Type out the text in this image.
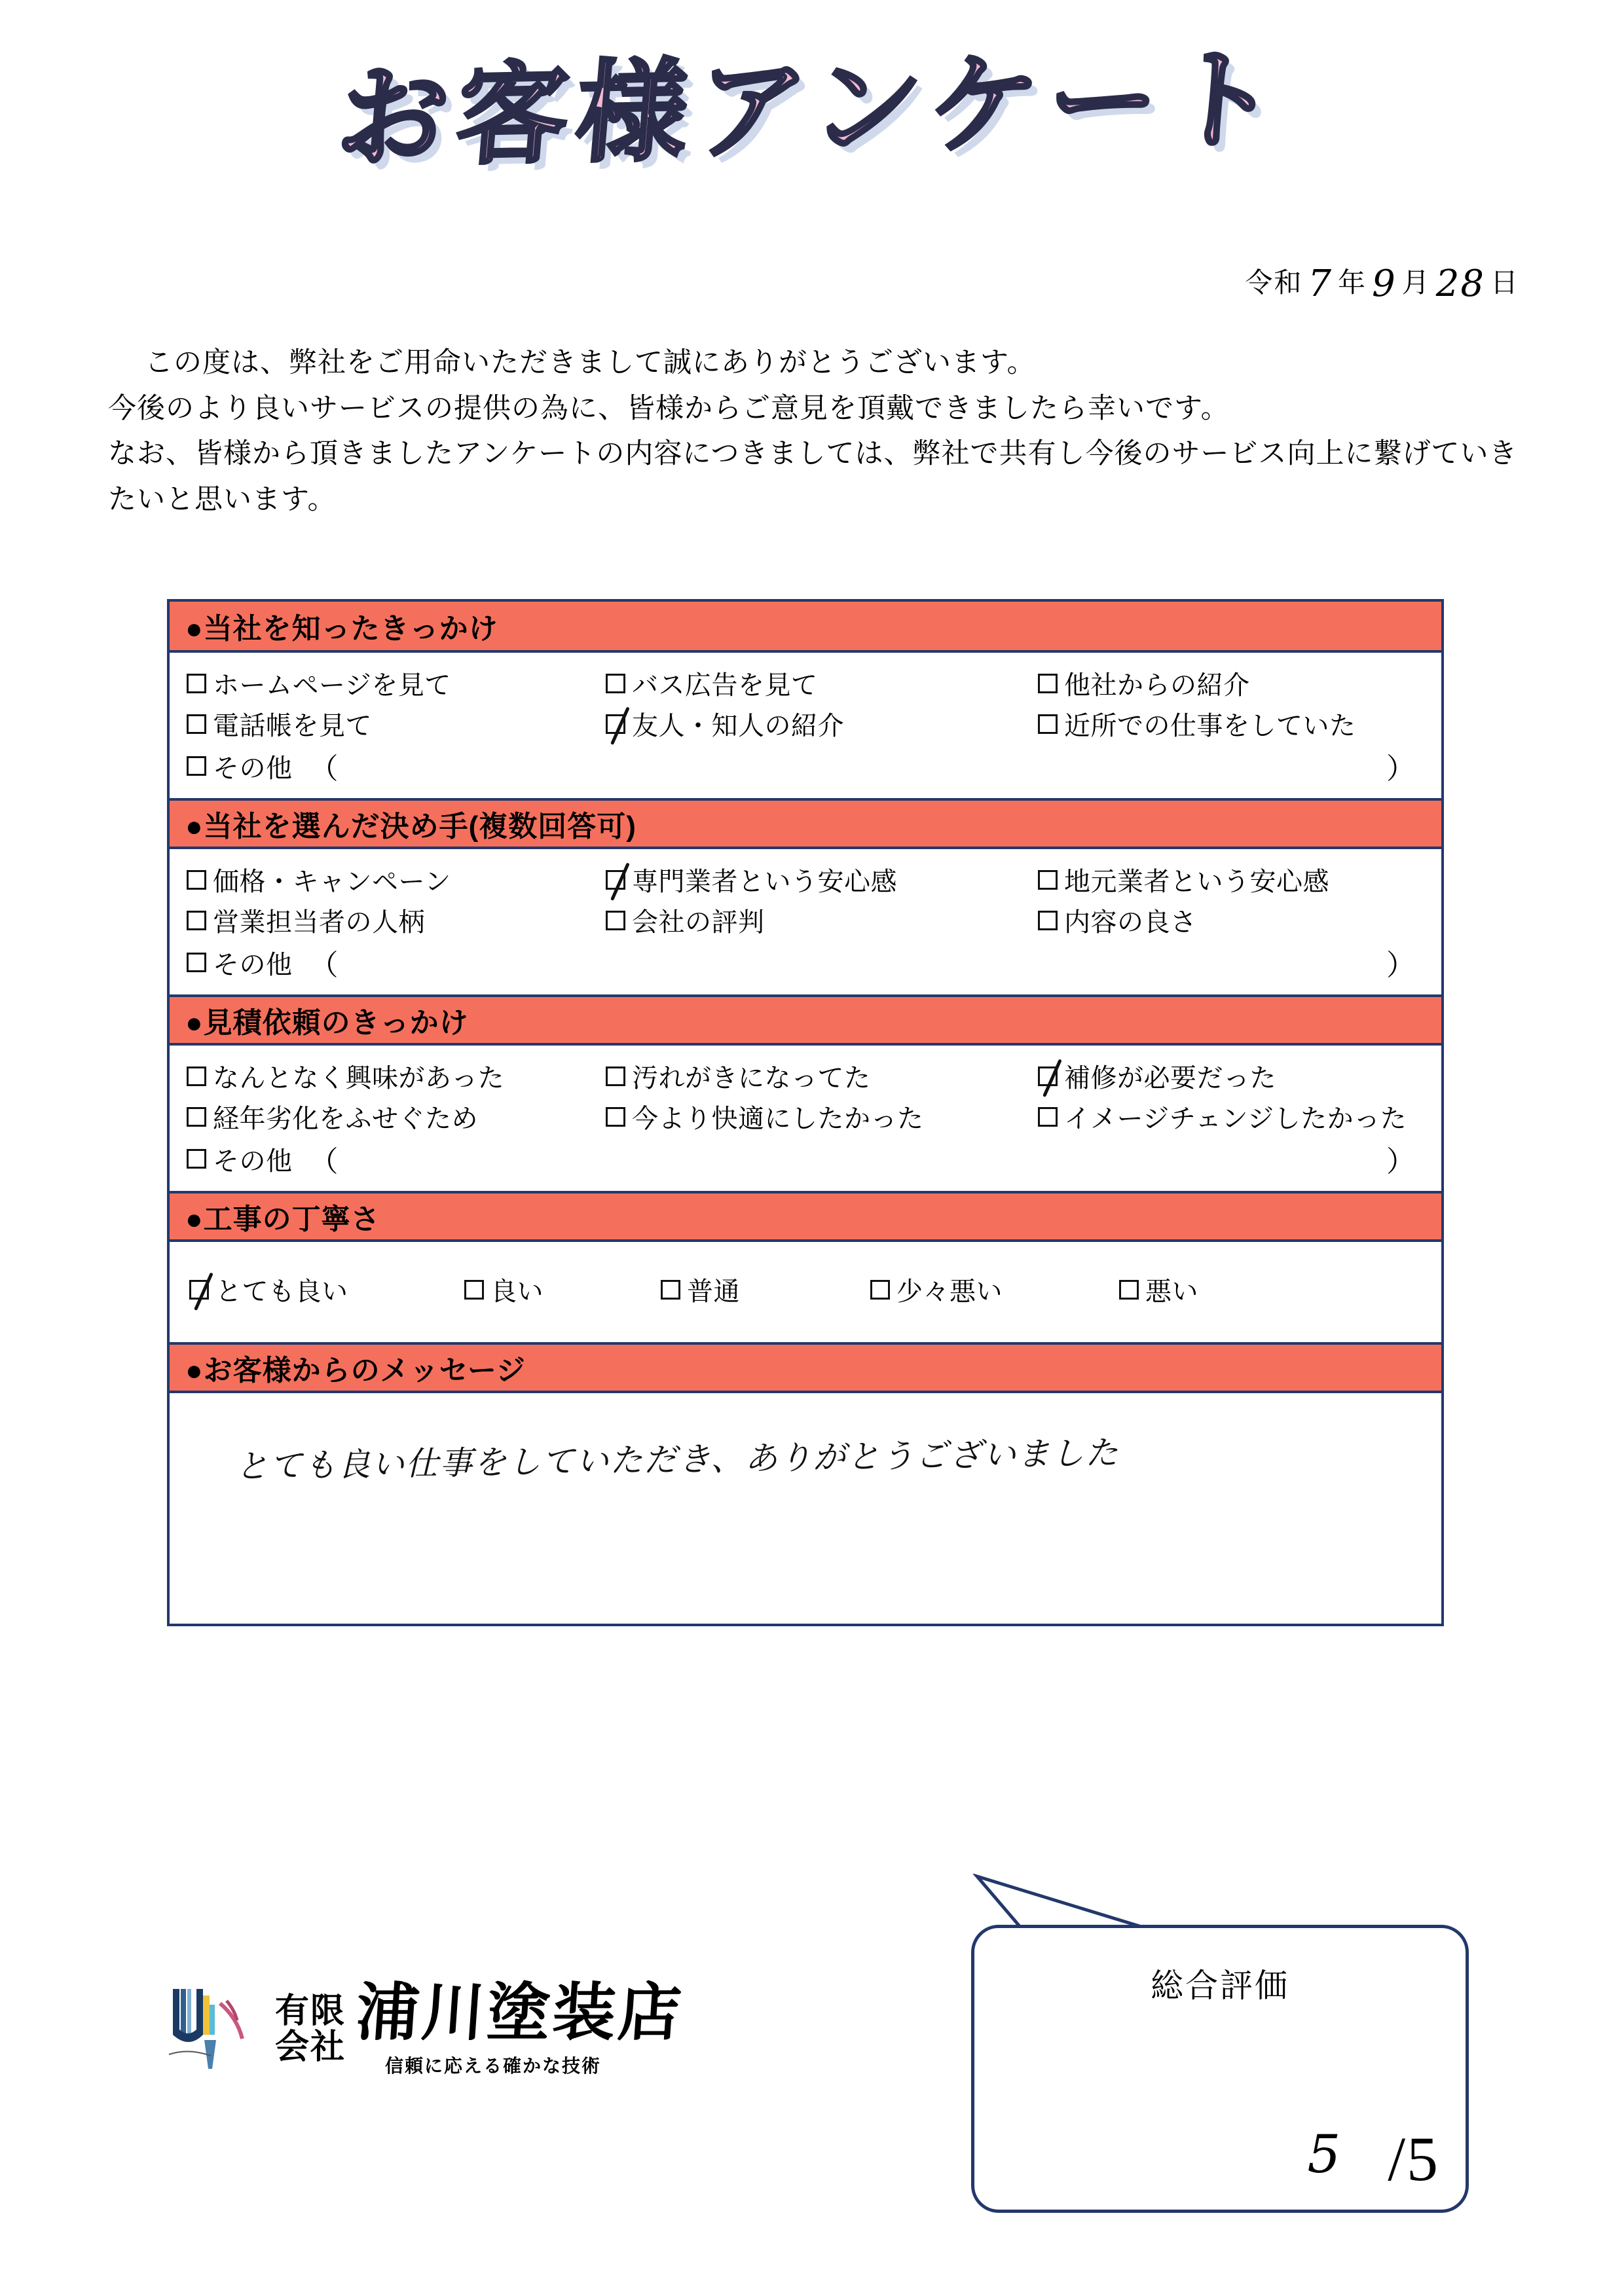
お客様アンケート
令和 7 年 9 月 28 日

この度は、弊社をご用命いただきまして誠にありがとうございます。

今後のより良いサービスの提供の為に、皆様からご意見を頂戴できましたら幸いです。

なお、皆様から頂きましたアンケートの内容につきましては、弊社で共有し今後のサービス向上に繋げていきたいと思います。

●当社を知ったきっかけ
ホームページを見て	バス広告を見て	他社からの紹介
電話帳を見て	友人・知人の紹介	近所での仕事をしていた
その他 （	）
●当社を選んだ決め手(複数回答可)
価格・キャンペーン	専門業者という安心感	地元業者という安心感
営業担当者の人柄	会社の評判	内容の良さ
その他 （	）
●見積依頼のきっかけ
なんとなく興味があった	汚れがきになってた	補修が必要だった
経年劣化をふせぐため	今より快適にしたかった	イメージチェンジしたかった
その他 （	）
●工事の丁寧さ
とても良い	良い	普通	少々悪い	悪い
●お客様からのメッセージ
とても良い仕事をしていただき、ありがとうございました
総合評価
5 /5
有限
会社 浦川塗装店
信頼に応える確かな技術
